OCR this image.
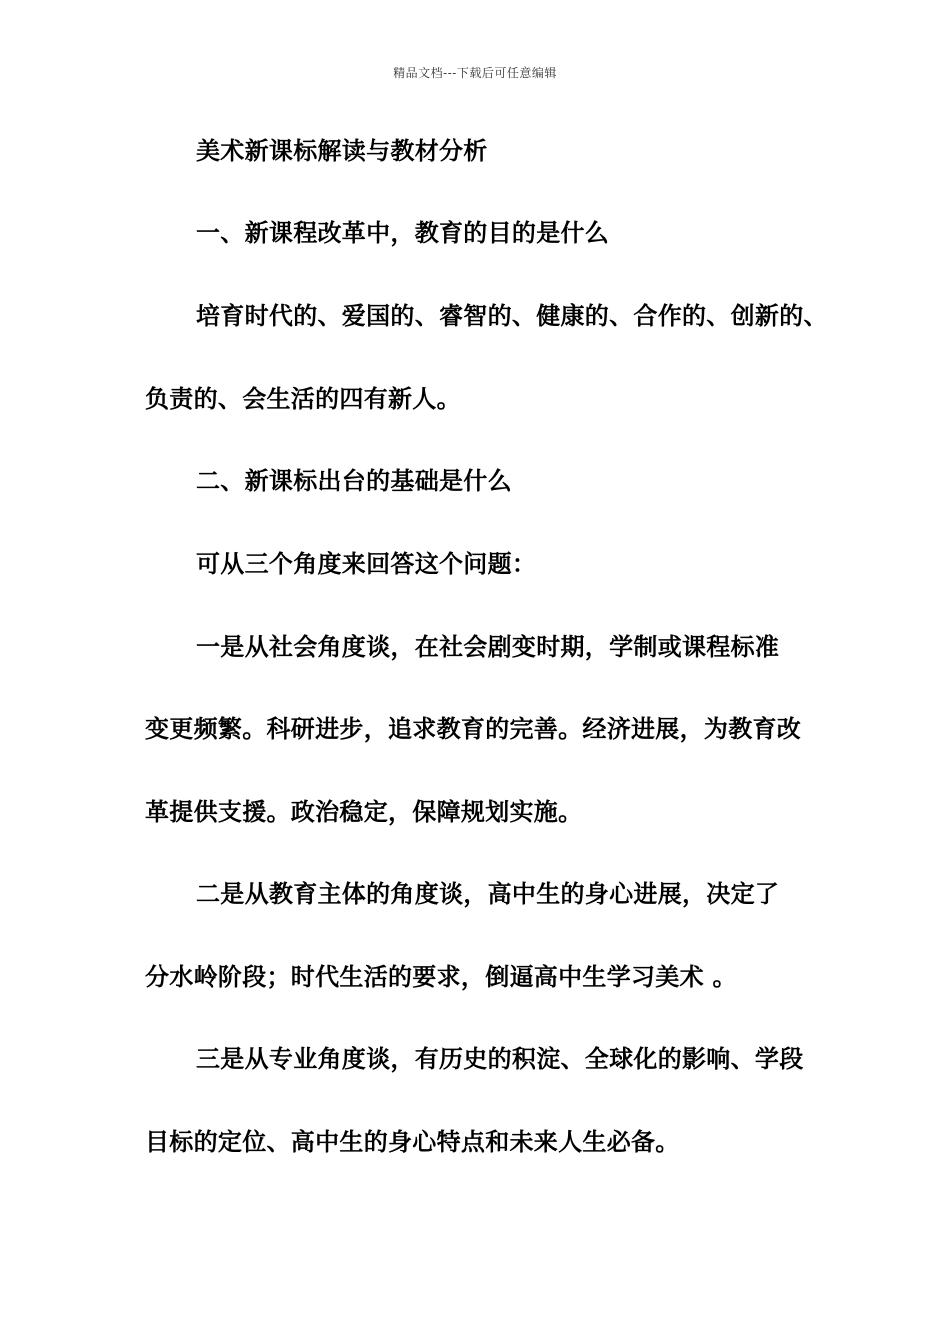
精品文档---下载后可任意编辑
美术新课标解读与教材分析
一、新课程改革中，教育的目的是什么
培育时代的、爱国的、睿智的、健康的、合作的、创新的、
负责的、会生活的四有新人。
二、新课标出台的基础是什么
可从三个角度来回答这个问题：
一是从社会角度谈，在社会剧变时期，学制或课程标准
变更频繁。科研进步，追求教育的完善。经济进展，为教育改
革提供支援。政治稳定，保障规划实施。
二是从教育主体的角度谈，高中生的身心进展，决定了
分水岭阶段；时代生活的要求，倒逼高中生学习美术 。
三是从专业角度谈，有历史的积淀、全球化的影响、学段
目标的定位、高中生的身心特点和未来人生必备。
